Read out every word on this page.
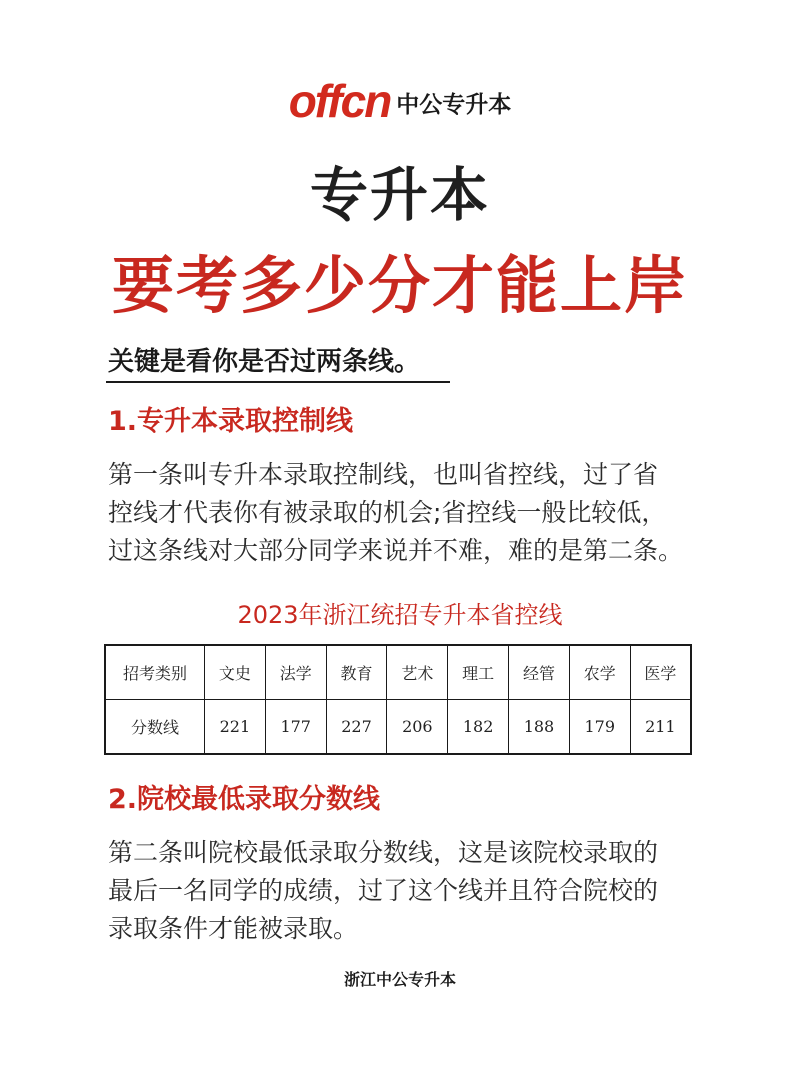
offcn 中公专升本
专升本
要考多少分才能上岸
关键是看你是否过两条线。
1.专升本录取控制线

第一条叫专升本录取控制线，也叫省控线，过了省
控线才代表你有被录取的机会;省控线一般比较低，
过这条线对大部分同学来说并不难，难的是第二条。

2023年浙江统招专升本省控线
招考类别	文史	法学	教育	艺术	理工	经管	农学	医学
分数线	221	177	227	206	182	188	179	211
2.院校最低录取分数线

第二条叫院校最低录取分数线，这是该院校录取的
最后一名同学的成绩，过了这个线并且符合院校的
录取条件才能被录取。

浙江中公专升本
